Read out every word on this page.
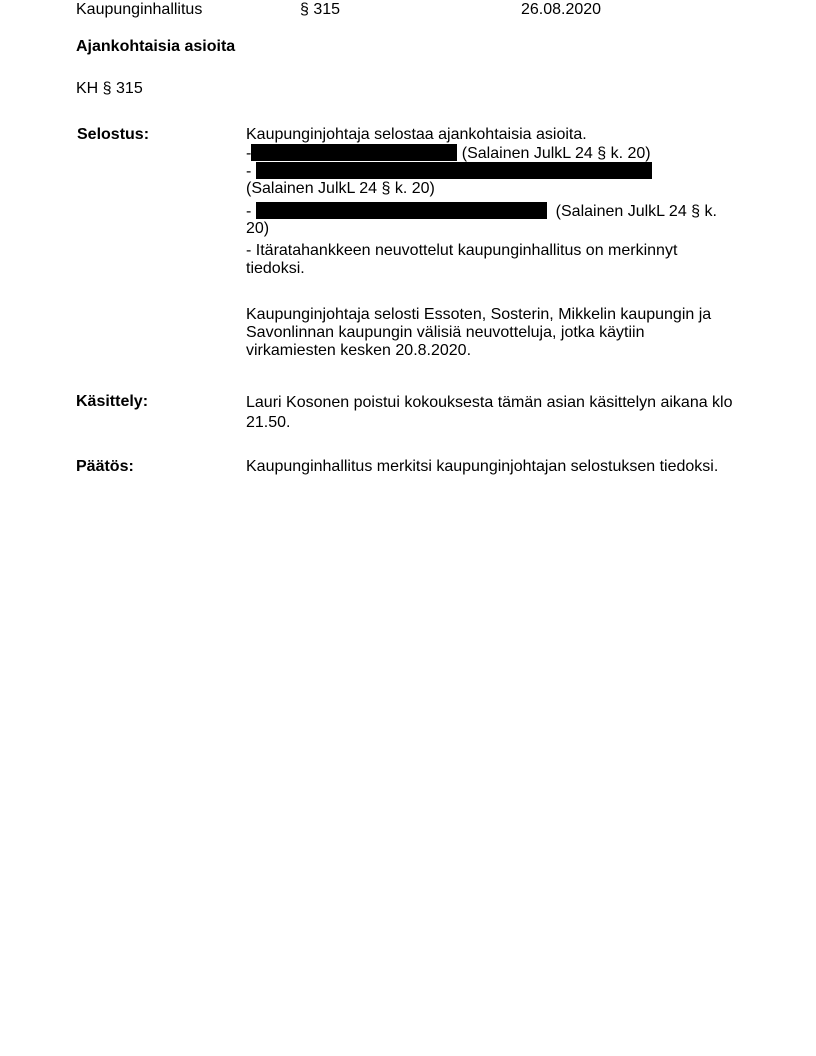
Kaupunginhallitus	§ 315	26.08.2020
Ajankohtaisia asioita
KH § 315
Selostus:	Kaupunginjohtaja selostaa ajankohtaisia asioita.
-	(Salainen JulkL 24 § k. 20)
-
(Salainen JulkL 24 § k. 20)
-	(Salainen JulkL 24 § k.
20)
- Itäratahankkeen neuvottelut kaupunginhallitus on merkinnyt
tiedoksi.
Kaupunginjohtaja selosti Essoten, Sosterin, Mikkelin kaupungin ja
Savonlinnan kaupungin välisiä neuvotteluja, jotka käytiin
virkamiesten kesken 20.8.2020.
Käsittely:	Lauri Kosonen poistui kokouksesta tämän asian käsittelyn aikana klo
21.50.
Päätös:	Kaupunginhallitus merkitsi kaupunginjohtajan selostuksen tiedoksi.
